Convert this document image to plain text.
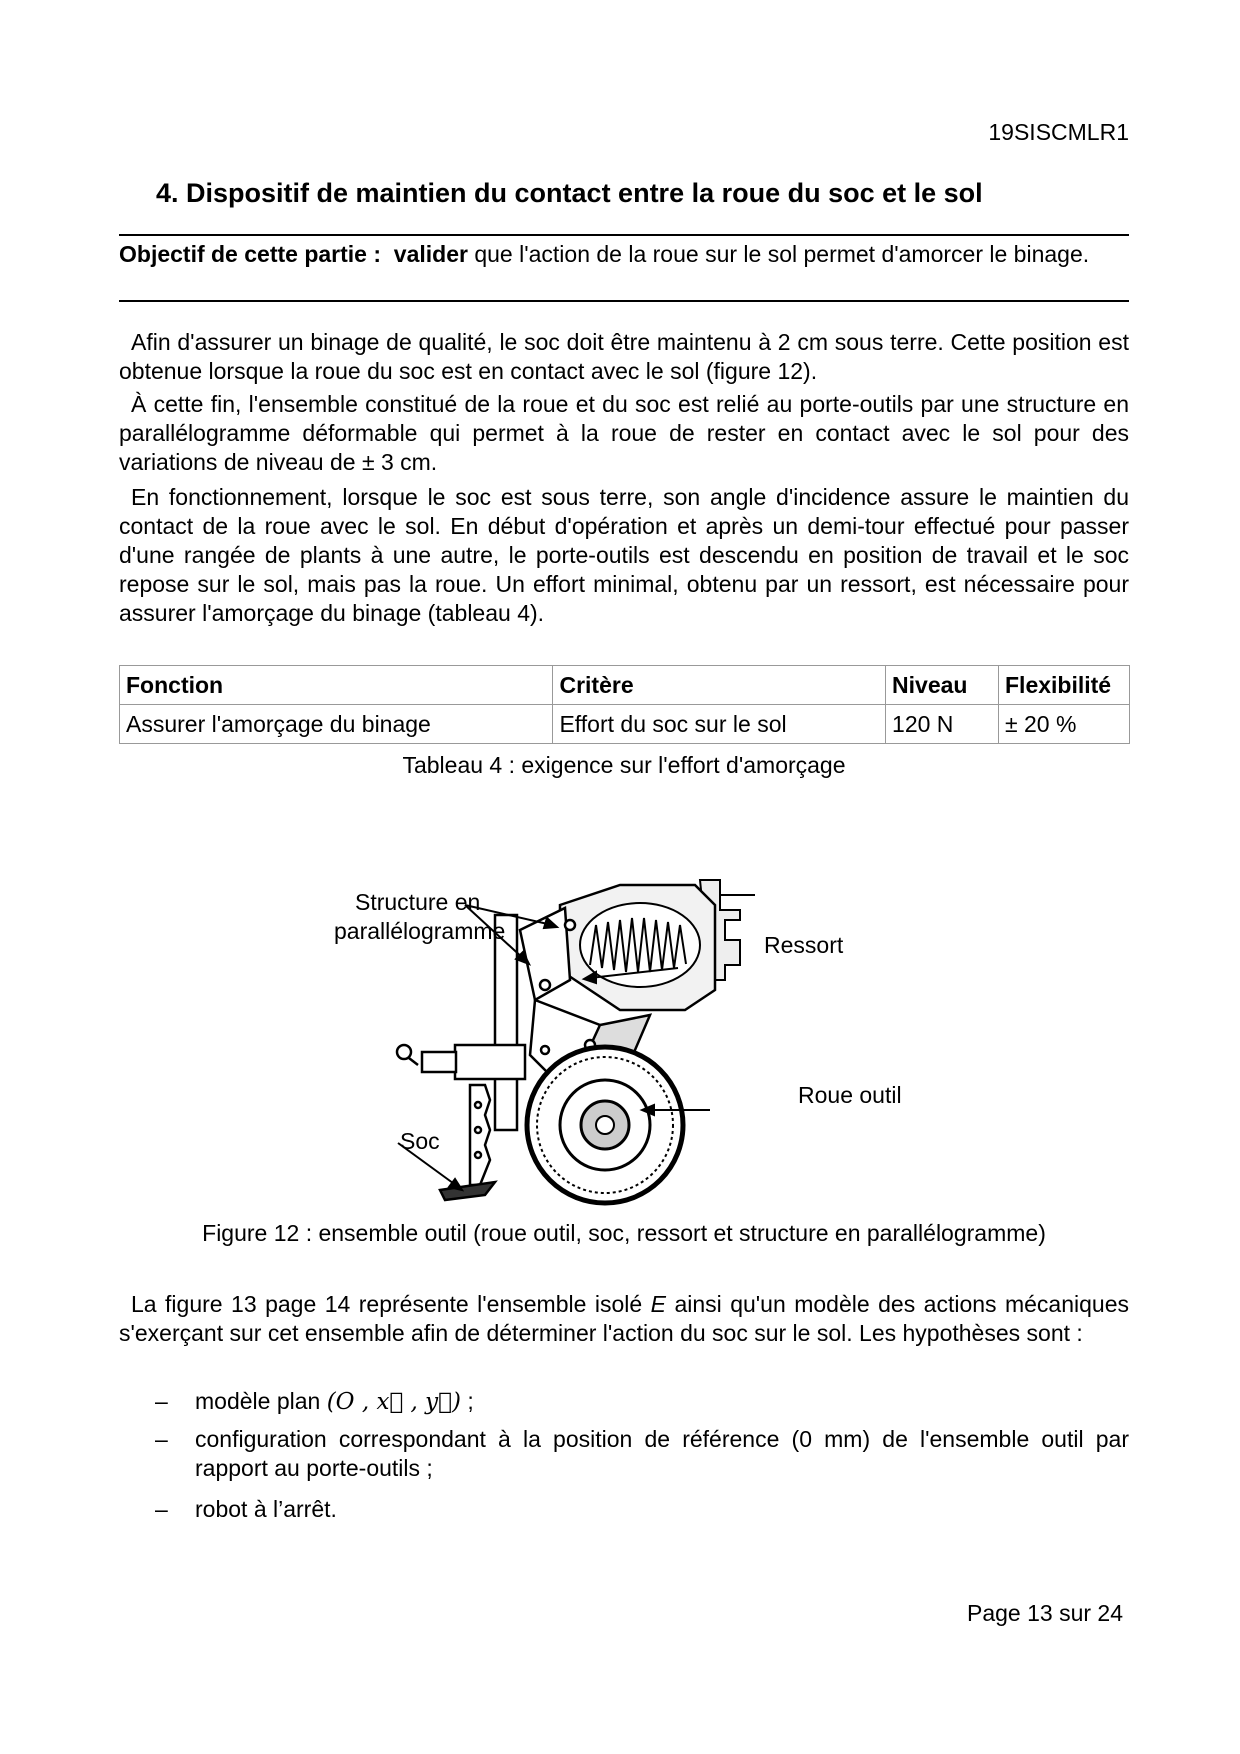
19SISCMLR1
4. Dispositif de maintien du contact entre la roue du soc et le sol
Objectif de cette partie : valider que l'action de la roue sur le sol permet d'amorcer le binage.
Afin d'assurer un binage de qualité, le soc doit être maintenu à 2 cm sous terre. Cette position est obtenue lorsque la roue du soc est en contact avec le sol (figure 12).
À cette fin, l'ensemble constitué de la roue et du soc est relié au porte-outils par une structure en parallélogramme déformable qui permet à la roue de rester en contact avec le sol pour des variations de niveau de ± 3 cm.
En fonctionnement, lorsque le soc est sous terre, son angle d'incidence assure le maintien du contact de la roue avec le sol. En début d'opération et après un demi-tour effectué pour passer d'une rangée de plants à une autre, le porte-outils est descendu en position de travail et le soc repose sur le sol, mais pas la roue. Un effort minimal, obtenu par un ressort, est nécessaire pour assurer l'amorçage du binage (tableau 4).
Fonction	Critère	Niveau	Flexibilité
Assurer l'amorçage du binage	Effort du soc sur le sol	120 N	± 20 %
Tableau 4 : exigence sur l'effort d'amorçage
Structure en
parallélogramme
Ressort
Roue outil
Soc
Figure 12 : ensemble outil (roue outil, soc, ressort et structure en parallélogramme)
La figure 13 page 14 représente l'ensemble isolé E ainsi qu'un modèle des actions mécaniques s'exerçant sur cet ensemble afin de déterminer l'action du soc sur le sol. Les hypothèses sont :
– modèle plan (O , x⃗ , y⃗) ;
– configuration correspondant à la position de référence (0 mm) de l'ensemble outil par rapport au porte-outils ;
– robot à l’arrêt.
Page 13 sur 24
